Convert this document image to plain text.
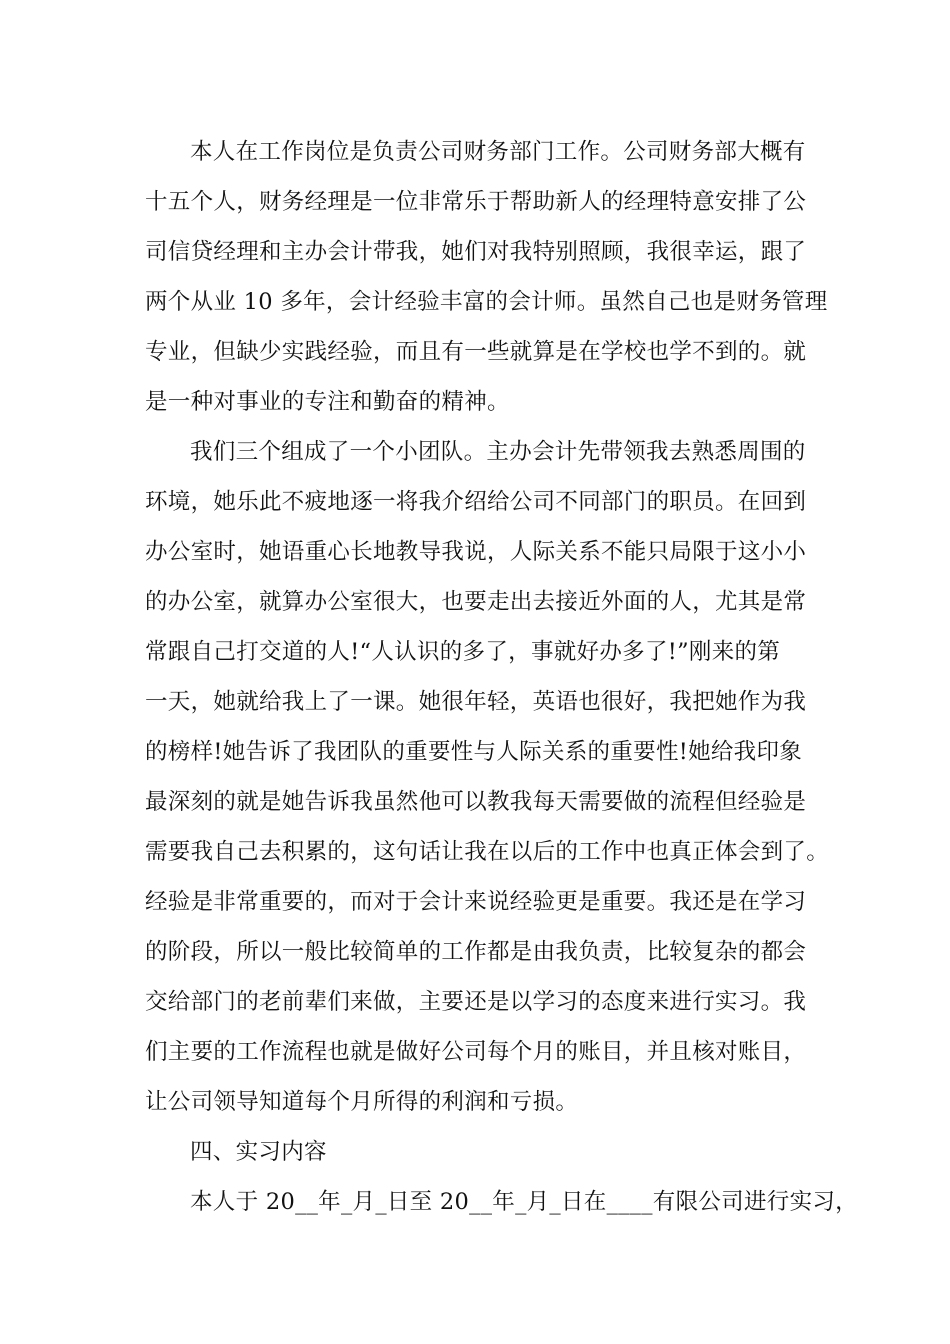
本人在工作岗位是负责公司财务部门工作。公司财务部大概有
十五个人，财务经理是一位非常乐于帮助新人的经理特意安排了公
司信贷经理和主办会计带我，她们对我特别照顾，我很幸运，跟了
两个从业 10 多年，会计经验丰富的会计师。虽然自己也是财务管理
专业，但缺少实践经验，而且有一些就算是在学校也学不到的。就
是一种对事业的专注和勤奋的精神。
我们三个组成了一个小团队。主办会计先带领我去熟悉周围的
环境，她乐此不疲地逐一将我介绍给公司不同部门的职员。在回到
办公室时，她语重心长地教导我说，人际关系不能只局限于这小小
的办公室，就算办公室很大，也要走出去接近外面的人，尤其是常
常跟自己打交道的人!“人认识的多了，事就好办多了!”刚来的第
一天，她就给我上了一课。她很年轻，英语也很好，我把她作为我
的榜样!她告诉了我团队的重要性与人际关系的重要性!她给我印象
最深刻的就是她告诉我虽然他可以教我每天需要做的流程但经验是
需要我自己去积累的，这句话让我在以后的工作中也真正体会到了。
经验是非常重要的，而对于会计来说经验更是重要。我还是在学习
的阶段，所以一般比较简单的工作都是由我负责，比较复杂的都会
交给部门的老前辈们来做，主要还是以学习的态度来进行实习。我
们主要的工作流程也就是做好公司每个月的账目，并且核对账目，
让公司领导知道每个月所得的利润和亏损。
四、实习内容
本人于 20__年_月_日至 20__年_月_日在____有限公司进行实习，
